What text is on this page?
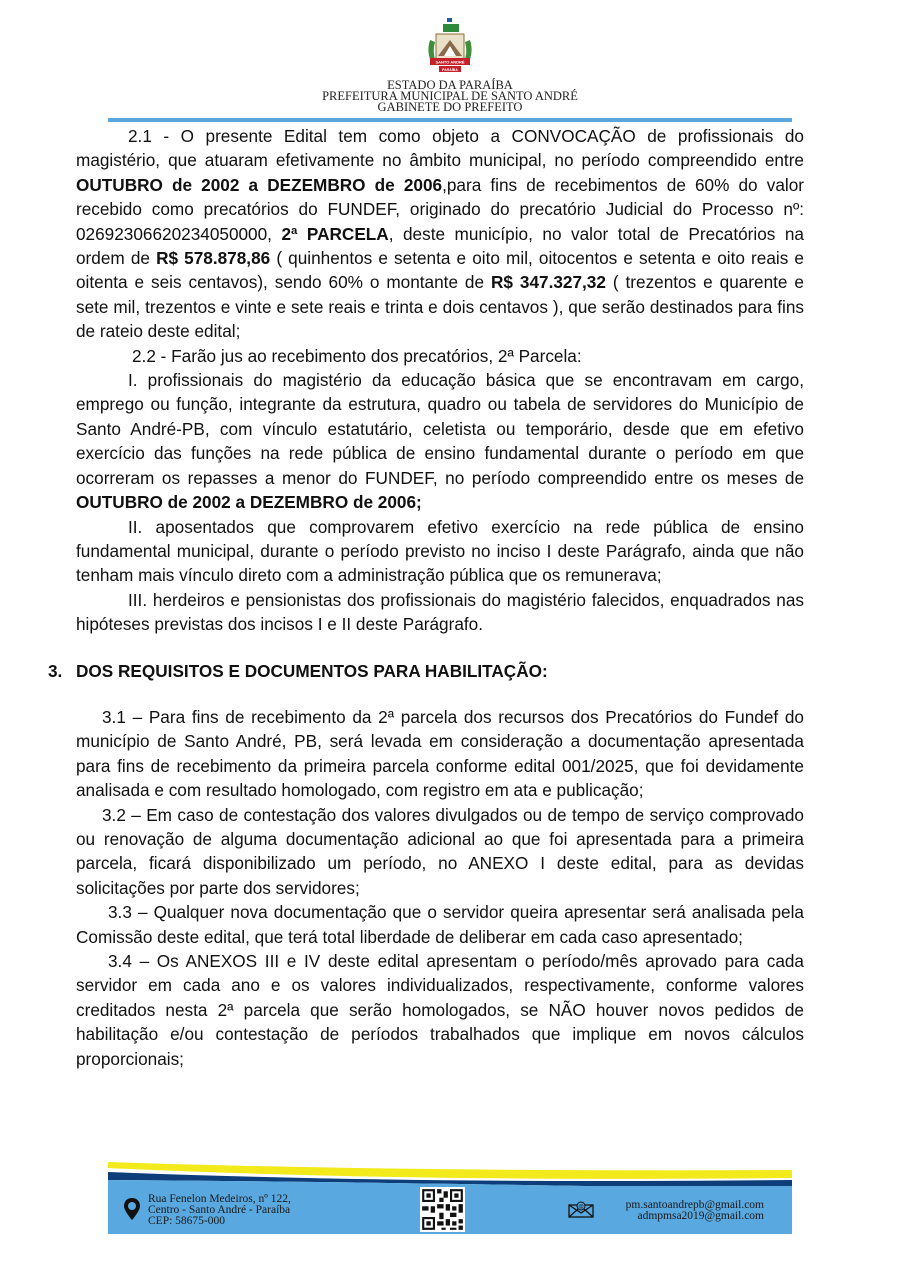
SANTO ANDRÉ
PARAÍBA
ESTADO DA PARAÍBA
PREFEITURA MUNICIPAL DE SANTO ANDRÉ
GABINETE DO PREFEITO

2.1 - O presente Edital tem como objeto a CONVOCAÇÃO de profissionais do magistério, que atuaram efetivamente no âmbito municipal, no período compreendido entre OUTUBRO de 2002 a DEZEMBRO de 2006,para fins de recebimentos de 60% do valor recebido como precatórios do FUNDEF, originado do precatório Judicial do Processo nº: 02692306620234050000, 2ª PARCELA, deste município, no valor total de Precatórios na ordem de R$ 578.878,86 ( quinhentos e setenta e oito mil, oitocentos e setenta e oito reais e oitenta e seis centavos), sendo 60% o montante de R$ 347.327,32 ( trezentos e quarente e sete mil, trezentos e vinte e sete reais e trinta e dois centavos ), que serão destinados para fins de rateio deste edital;

2.2 - Farão jus ao recebimento dos precatórios, 2ª Parcela:

I. profissionais do magistério da educação básica que se encontravam em cargo, emprego ou função, integrante da estrutura, quadro ou tabela de servidores do Município de Santo André-PB, com vínculo estatutário, celetista ou temporário, desde que em efetivo exercício das funções na rede pública de ensino fundamental durante o período em que ocorreram os repasses a menor do FUNDEF, no período compreendido entre os meses de OUTUBRO de 2002 a DEZEMBRO de 2006;

II. aposentados que comprovarem efetivo exercício na rede pública de ensino fundamental municipal, durante o período previsto no inciso I deste Parágrafo, ainda que não tenham mais vínculo direto com a administração pública que os remunerava;

III. herdeiros e pensionistas dos profissionais do magistério falecidos, enquadrados nas hipóteses previstas dos incisos I e II deste Parágrafo.

3. DOS REQUISITOS E DOCUMENTOS PARA HABILITAÇÃO:

3.1 – Para fins de recebimento da 2ª parcela dos recursos dos Precatórios do Fundef do município de Santo André, PB, será levada em consideração a documentação apresentada para fins de recebimento da primeira parcela conforme edital 001/2025, que foi devidamente analisada e com resultado homologado, com registro em ata e publicação;

3.2 – Em caso de contestação dos valores divulgados ou de tempo de serviço comprovado ou renovação de alguma documentação adicional ao que foi apresentada para a primeira parcela, ficará disponibilizado um período, no ANEXO I deste edital, para as devidas solicitações por parte dos servidores;

3.3 – Qualquer nova documentação que o servidor queira apresentar será analisada pela Comissão deste edital, que terá total liberdade de deliberar em cada caso apresentado;

3.4 – Os ANEXOS III e IV deste edital apresentam o período/mês aprovado para cada servidor em cada ano e os valores individualizados, respectivamente, conforme valores creditados nesta 2ª parcela que serão homologados, se NÃO houver novos pedidos de habilitação e/ou contestação de períodos trabalhados que implique em novos cálculos proporcionais;

Rua Fenelon Medeiros, nº 122,
Centro - Santo André - Paraíba
CEP: 58675-000
@	pm.santoandrepb@gmail.com
admpmsa2019@gmail.com
